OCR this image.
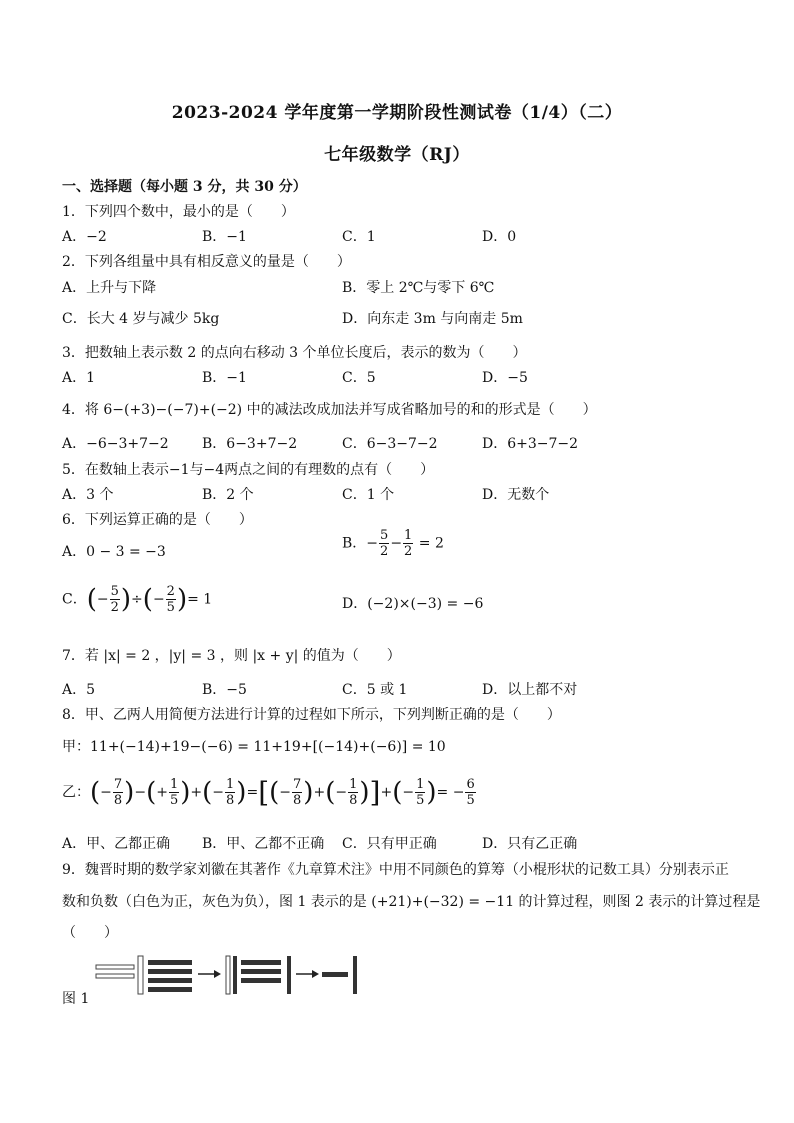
2023-2024 学年度第一学期阶段性测试卷（1/4）（二）
七年级数学（RJ）
一、选择题（每小题 3 分，共 30 分）
1．下列四个数中，最小的是（　　）
A．−2	B．−1	C．1	D．0
2．下列各组量中具有相反意义的量是（　　）
A．上升与下降	B．零上 2℃与零下 6℃
C．长大 4 岁与减少 5kg	D．向东走 3m 与向南走 5m
3．把数轴上表示数 2 的点向右移动 3 个单位长度后，表示的数为（　　）
A．1	B．−1	C．5	D．−5
4．将 6−(+3)−(−7)+(−2) 中的减法改成加法并写成省略加号的和的形式是（　　）
A．−6−3+7−2 B．6−3+7−2	C．6−3−7−2	D．6+3−7−2
5．在数轴上表示−1与−4两点之间的有理数的点有（　　）
A．3 个	B．2 个	C．1 个	D．无数个
6．下列运算正确的是（　　）
A．0 − 3 = −3
B．− $\frac{5}{2} - \frac{1}{2} = 2$
C．(− $\frac{5}{2}$ )÷(− $\frac{2}{5}$ )= 1	D．(−2)×(−3) = −6
7．若 |x| = 2 ，|y| = 3 ，则 |x + y| 的值为（　　）
A．5	B．−5	C．5 或 1	D．以上都不对
8．甲、乙两人用简便方法进行计算的过程如下所示，下列判断正确的是（　　）
甲：11+(−14)+19−(−6) = 11+19+[(−14)+(−6)] = 10
乙：(− $\frac{7}{8}$ )−(+ $\frac{1}{5}$ )+(− $\frac{1}{8}$ )=[(− $\frac{7}{8}$ )+(− $\frac{1}{8}$ )]+(− $\frac{1}{5}$ )= − $\frac{6}{5}$
A．甲、乙都正确 B．甲、乙都不正确 C．只有甲正确	D．只有乙正确
9．魏晋时期的数学家刘徽在其著作《九章算术注》中用不同颜色的算筹（小棍形状的记数工具）分别表示正
数和负数（白色为正，灰色为负），图 1 表示的是 (+21)+(−32) = −11 的计算过程，则图 2 表示的计算过程是
（　　）
图 1
